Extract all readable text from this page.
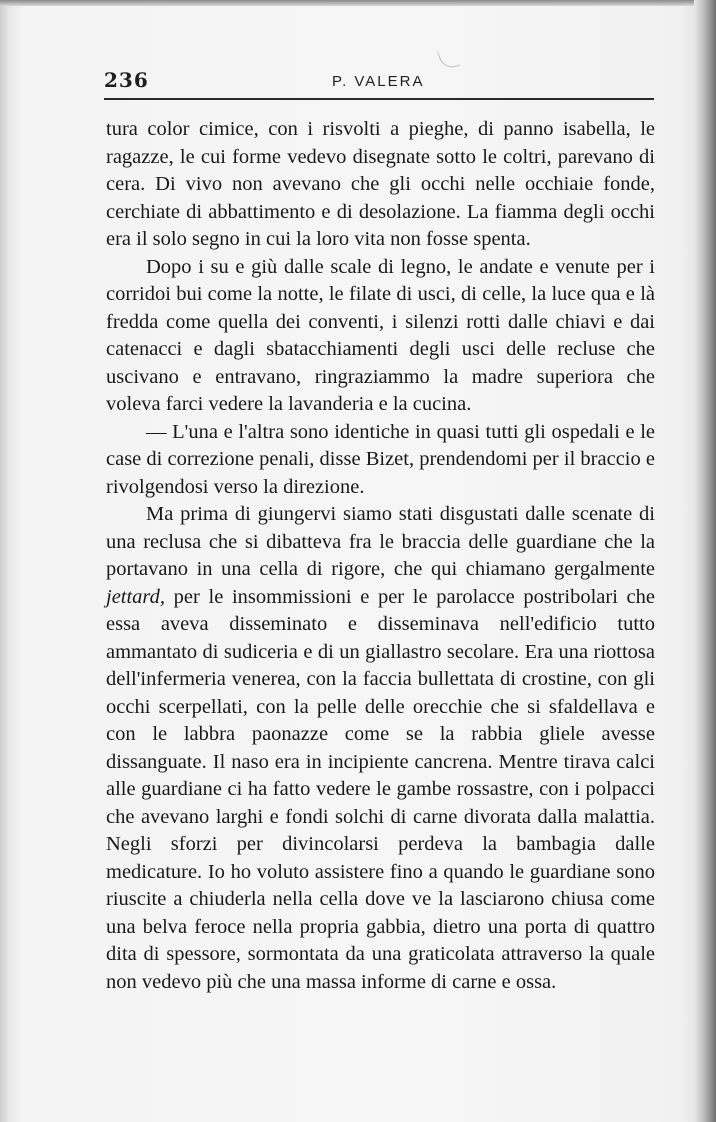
236	P. VALERA

tura color cimice, con i risvolti a pieghe, di panno isabella, le ragazze, le cui forme vedevo disegnate sotto le coltri, parevano di cera. Di vivo non avevano che gli occhi nelle occhiaie fonde, cerchiate di abbattimento e di desolazione. La fiamma degli occhi era il solo segno in cui la loro vita non fosse spenta.

Dopo i su e giù dalle scale di legno, le andate e venute per i corridoi bui come la notte, le filate di usci, di celle, la luce qua e là fredda come quella dei conventi, i silenzi rotti dalle chiavi e dai catenacci e dagli sbatacchiamenti degli usci delle recluse che uscivano e entravano, ringraziammo la madre superiora che voleva farci vedere la lavanderia e la cucina.

— L'una e l'altra sono identiche in quasi tutti gli ospedali e le case di correzione penali, disse Bizet, prendendomi per il braccio e rivolgendosi verso la direzione.

Ma prima di giungervi siamo stati disgustati dalle scenate di una reclusa che si dibatteva fra le braccia delle guardiane che la portavano in una cella di rigore, che qui chiamano gergalmente jettard, per le insommissioni e per le parolacce postribolari che essa aveva disseminato e disseminava nell'edificio tutto ammantato di sudiceria e di un giallastro secolare. Era una riottosa dell'infermeria venerea, con la faccia bullettata di crostine, con gli occhi scerpellati, con la pelle delle orecchie che si sfaldellava e con le labbra paonazze come se la rabbia gliele avesse dissanguate. Il naso era in incipiente cancrena. Mentre tirava calci alle guardiane ci ha fatto vedere le gambe rossastre, con i polpacci che avevano larghi e fondi solchi di carne divorata dalla malattia. Negli sforzi per divincolarsi perdeva la bambagia dalle medicature. Io ho voluto assistere fino a quando le guardiane sono riuscite a chiuderla nella cella dove ve la lasciarono chiusa come una belva feroce nella propria gabbia, dietro una porta di quattro dita di spessore, sormontata da una graticolata attraverso la quale non vedevo più che una massa informe di carne e ossa.
